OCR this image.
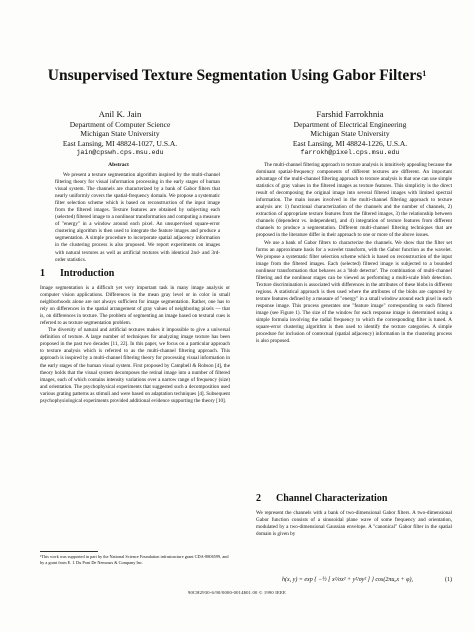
Unsupervised Texture Segmentation Using Gabor Filters$^1$
Anil K. Jain
Department of Computer Science
Michigan State University
East Lansing, MI 48824-1027, U.S.A.
jain@cpswh.cps.msu.edu
Farshid Farrokhnia
Department of Electrical Engineering
Michigan State University
East Lansing, MI 48824-1226, U.S.A.
farrokh@pixel.cps.msu.edu
Abstract

We present a texture segmentation algorithm inspired by the multi-channel filtering theory for visual information processing in the early stages of human visual system. The channels are characterized by a bank of Gabor filters that nearly uniformly covers the spatial-frequency domain. We propose a systematic filter selection scheme which is based on reconstruction of the input image from the filtered images. Texture features are obtained by subjecting each (selected) filtered image to a nonlinear transformation and computing a measure of "energy" in a window around each pixel. An unsupervised square-error clustering algorithm is then used to integrate the feature images and produce a segmentation. A simple procedure to incorporate spatial adjacency information in the clustering process is also proposed. We report experiments on images with natural textures as well as artificial textures with identical 2nd- and 3rd-order statistics.

1 Introduction

Image segmentation is a difficult yet very important task in many image analysis or computer vision applications. Differences in the mean gray level or in color in small neighborhoods alone are not always sufficient for image segmentation. Rather, one has to rely on differences in the spatial arrangement of gray values of neighboring pixels — that is, on differences in texture. The problem of segmenting an image based on textural cues is referred to as texture segmentation problem.

The diversity of natural and artificial textures makes it impossible to give a universal definition of texture. A large number of techniques for analyzing image texture has been proposed in the past two decades [11, 22]. In this paper, we focus on a particular approach to texture analysis which is referred to as the multi-channel filtering approach. This approach is inspired by a multi-channel filtering theory for processing visual information in the early stages of the human visual system. First proposed by Campbell & Robson [4], the theory holds that the visual system decomposes the retinal image into a number of filtered images, each of which contains intensity variations over a narrow range of frequency (size) and orientation. The psychophysical experiments that suggested such a decomposition used various grating patterns as stimuli and were based on adaptation techniques [4]. Subsequent psychophysiological experiments provided additional evidence supporting the theory [10].

¹This work was supported in part by the National Science Foundation infrastructure grant CDA-8806599, and by a grant from E. I. Du Pont De Nemours & Company Inc.

The multi-channel filtering approach to texture analysis is intuitively appealing because the dominant spatial-frequency components of different textures are different. An important advantage of the multi-channel filtering approach to texture analysis is that one can use simple statistics of gray values in the filtered images as texture features. This simplicity is the direct result of decomposing the original image into several filtered images with limited spectral information. The main issues involved in the multi-channel filtering approach to texture analysis are: 1) functional characterization of the channels and the number of channels, 2) extraction of appropriate texture features from the filtered images, 3) the relationship between channels (dependent vs. independent), and 4) integration of texture features from different channels to produce a segmentation. Different multi-channel filtering techniques that are proposed in the literature differ in their approach to one or more of the above issues.

We use a bank of Gabor filters to characterize the channels. We show that the filter set forms an approximate basis for a wavelet transform, with the Gabor function as the wavelet. We propose a systematic filter selection scheme which is based on reconstruction of the input image from the filtered images. Each (selected) filtered image is subjected to a bounded nonlinear transformation that behaves as a 'blob detector'. The combination of multi-channel filtering and the nonlinear stages can be viewed as performing a multi-scale blob detection. Texture discrimination is associated with differences in the attributes of these blobs in different regions. A statistical approach is then used where the attributes of the blobs are captured by texture features defined by a measure of "energy" in a small window around each pixel in each response image. This process generates one "feature image" corresponding to each filtered image (see Figure 1). The size of the window for each response image is determined using a simple formula involving the radial frequency to which the corresponding filter is tuned. A square-error clustering algorithm is then used to identify the texture categories. A simple procedure for inclusion of contextual (spatial adjacency) information in the clustering process is also proposed.

2 Channel Characterization

We represent the channels with a bank of two-dimensional Gabor filters. A two-dimensional Gabor function consists of a sinusoidal plane wave of some frequency and orientation, modulated by a two-dimensional Gaussian envelope. A "canonical" Gabor filter in the spatial domain is given by

h(x, y) = exp { −½ [ x²/σx² + y²/σy² ] } cos(2πu₀x + φ),	(1)
90CH2930-6/90/0000-0014$01.00 © 1990 IEEE
